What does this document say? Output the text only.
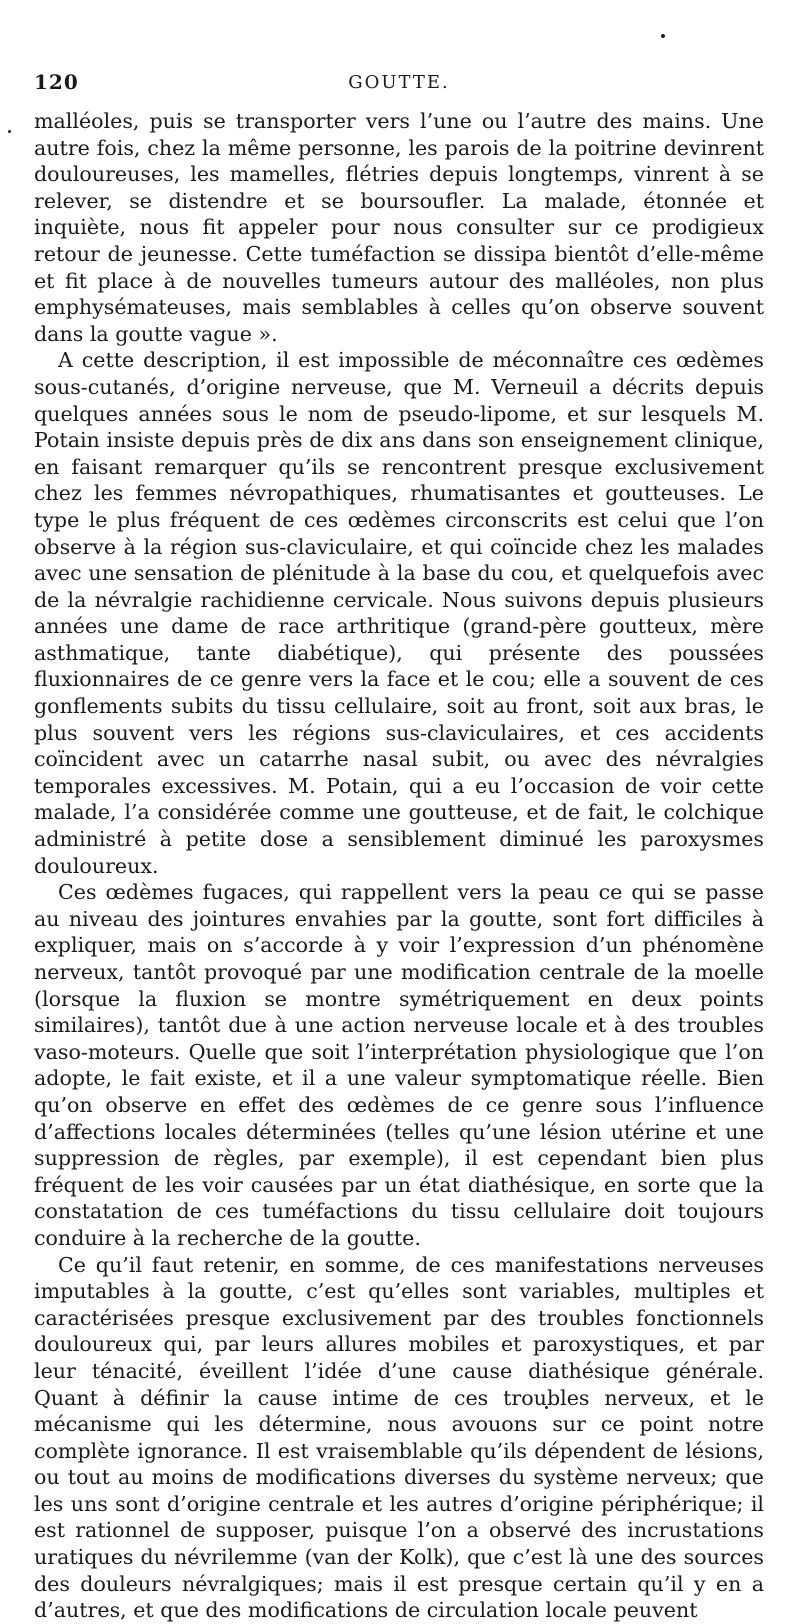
120	GOUTTE.

malléoles, puis se transporter vers l’une ou l’autre des mains. Une autre fois, chez la même personne, les parois de la poitrine devinrent douloureuses, les mamelles, flétries depuis longtemps, vinrent à se relever, se distendre et se boursoufler. La malade, étonnée et inquiète, nous fit appeler pour nous consulter sur ce prodigieux retour de jeunesse. Cette tuméfaction se dissipa bientôt d’elle-même et fit place à de nouvelles tumeurs autour des malléoles, non plus emphysémateuses, mais semblables à celles qu’on observe souvent dans la goutte vague ».

A cette description, il est impossible de méconnaître ces œdèmes sous-cutanés, d’origine nerveuse, que M. Verneuil a décrits depuis quelques années sous le nom de pseudo-lipome, et sur lesquels M. Potain insiste depuis près de dix ans dans son enseignement clinique, en faisant remarquer qu’ils se rencontrent presque exclusivement chez les femmes névropathiques, rhumatisantes et goutteuses. Le type le plus fréquent de ces œdèmes circonscrits est celui que l’on observe à la région sus-claviculaire, et qui coïncide chez les malades avec une sensation de plénitude à la base du cou, et quelquefois avec de la névralgie rachidienne cervicale. Nous suivons depuis plusieurs années une dame de race arthritique (grand-père goutteux, mère asthmatique, tante diabétique), qui présente des poussées fluxionnaires de ce genre vers la face et le cou; elle a souvent de ces gonflements subits du tissu cellulaire, soit au front, soit aux bras, le plus souvent vers les régions sus-claviculaires, et ces accidents coïncident avec un catarrhe nasal subit, ou avec des névralgies temporales excessives. M. Potain, qui a eu l’occasion de voir cette malade, l’a considérée comme une goutteuse, et de fait, le colchique administré à petite dose a sensiblement diminué les paroxysmes douloureux.

Ces œdèmes fugaces, qui rappellent vers la peau ce qui se passe au niveau des jointures envahies par la goutte, sont fort difficiles à expliquer, mais on s’accorde à y voir l’expression d’un phénomène nerveux, tantôt provoqué par une modification centrale de la moelle (lorsque la fluxion se montre symétriquement en deux points similaires), tantôt due à une action nerveuse locale et à des troubles vaso-moteurs. Quelle que soit l’interprétation physiologique que l’on adopte, le fait existe, et il a une valeur symptomatique réelle. Bien qu’on observe en effet des œdèmes de ce genre sous l’influence d’affections locales déterminées (telles qu’une lésion utérine et une suppression de règles, par exemple), il est cependant bien plus fréquent de les voir causées par un état diathésique, en sorte que la constatation de ces tuméfactions du tissu cellulaire doit toujours conduire à la recherche de la goutte.

Ce qu’il faut retenir, en somme, de ces manifestations nerveuses imputables à la goutte, c’est qu’elles sont variables, multiples et caractérisées presque exclusivement par des troubles fonctionnels douloureux qui, par leurs allures mobiles et paroxystiques, et par leur ténacité, éveillent l’idée d’une cause diathésique générale. Quant à définir la cause intime de ces troubles nerveux, et le mécanisme qui les détermine, nous avouons sur ce point notre complète ignorance. Il est vraisemblable qu’ils dépendent de lésions, ou tout au moins de modifications diverses du système nerveux; que les uns sont d’origine centrale et les autres d’origine périphérique; il est rationnel de supposer, puisque l’on a observé des incrustations uratiques du névrilemme (van der Kolk), que c’est là une des sources des douleurs névralgiques; mais il est presque certain qu’il y en a d’autres, et que des modifications de circulation locale peuvent
